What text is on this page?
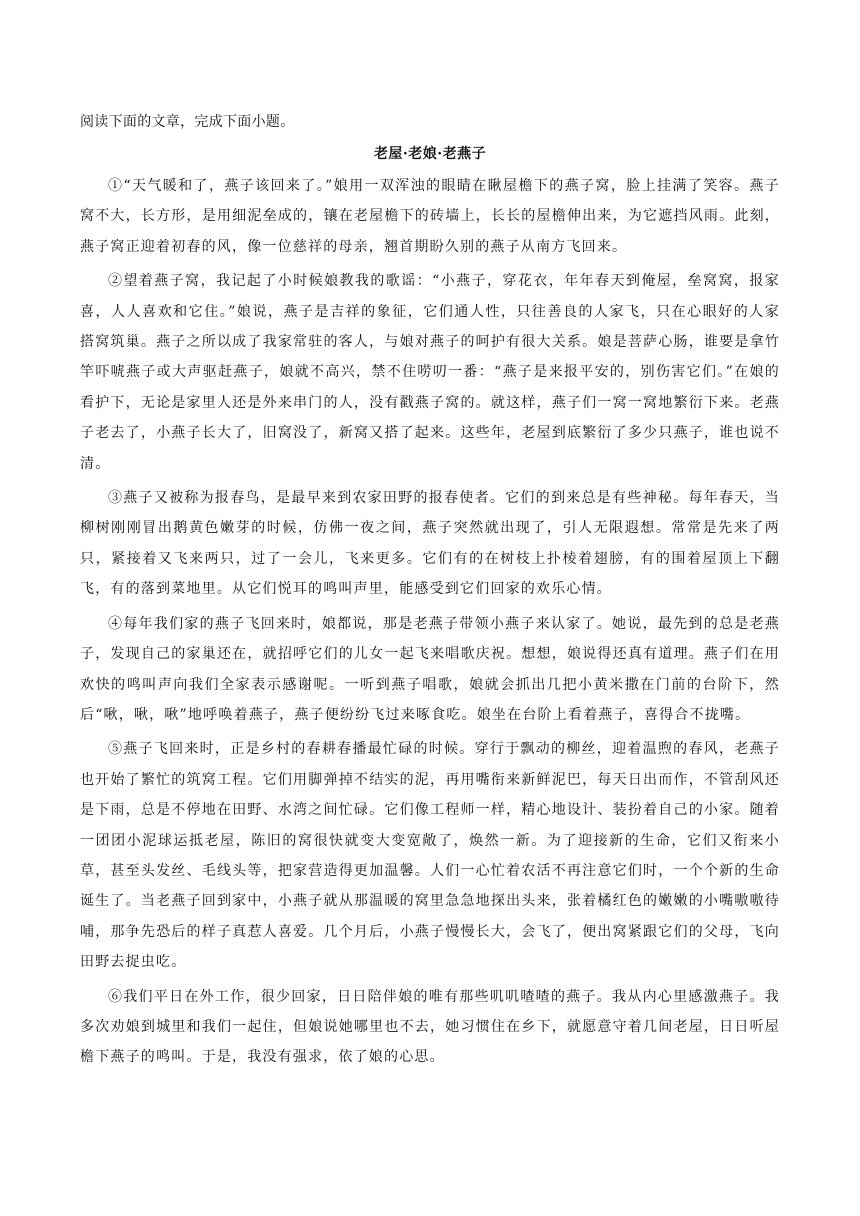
阅读下面的文章，完成下面小题。

老屋·老娘·老燕子

①“天气暖和了，燕子该回来了。”娘用一双浑浊的眼睛在瞅屋檐下的燕子窝，脸上挂满了笑容。燕子窝不大，长方形，是用细泥垒成的，镶在老屋檐下的砖墙上，长长的屋檐伸出来，为它遮挡风雨。此刻，燕子窝正迎着初春的风，像一位慈祥的母亲，翘首期盼久别的燕子从南方飞回来。

②望着燕子窝，我记起了小时候娘教我的歌谣：“小燕子，穿花衣，年年春天到俺屋，垒窝窝，报家喜，人人喜欢和它住。”娘说，燕子是吉祥的象征，它们通人性，只往善良的人家飞，只在心眼好的人家搭窝筑巢。燕子之所以成了我家常驻的客人，与娘对燕子的呵护有很大关系。娘是菩萨心肠，谁要是拿竹竿吓唬燕子或大声驱赶燕子，娘就不高兴，禁不住唠叨一番：“燕子是来报平安的，别伤害它们。”在娘的看护下，无论是家里人还是外来串门的人，没有戳燕子窝的。就这样，燕子们一窝一窝地繁衍下来。老燕子老去了，小燕子长大了，旧窝没了，新窝又搭了起来。这些年，老屋到底繁衍了多少只燕子，谁也说不清。

③燕子又被称为报春鸟，是最早来到农家田野的报春使者。它们的到来总是有些神秘。每年春天，当柳树刚刚冒出鹅黄色嫩芽的时候，仿佛一夜之间，燕子突然就出现了，引人无限遐想。常常是先来了两只，紧接着又飞来两只，过了一会儿，飞来更多。它们有的在树枝上扑棱着翅膀，有的围着屋顶上下翻飞，有的落到菜地里。从它们悦耳的鸣叫声里，能感受到它们回家的欢乐心情。

④每年我们家的燕子飞回来时，娘都说，那是老燕子带领小燕子来认家了。她说，最先到的总是老燕子，发现自己的家巢还在，就招呼它们的儿女一起飞来唱歌庆祝。想想，娘说得还真有道理。燕子们在用欢快的鸣叫声向我们全家表示感谢呢。一听到燕子唱歌，娘就会抓出几把小黄米撒在门前的台阶下，然后“啾，啾，啾”地呼唤着燕子，燕子便纷纷飞过来啄食吃。娘坐在台阶上看着燕子，喜得合不拢嘴。

⑤燕子飞回来时，正是乡村的春耕春播最忙碌的时候。穿行于飘动的柳丝，迎着温煦的春风，老燕子也开始了繁忙的筑窝工程。它们用脚弹掉不结实的泥，再用嘴衔来新鲜泥巴，每天日出而作，不管刮风还是下雨，总是不停地在田野、水湾之间忙碌。它们像工程师一样，精心地设计、装扮着自己的小家。随着一团团小泥球运抵老屋，陈旧的窝很快就变大变宽敞了，焕然一新。为了迎接新的生命，它们又衔来小草，甚至头发丝、毛线头等，把家营造得更加温馨。人们一心忙着农活不再注意它们时，一个个新的生命诞生了。当老燕子回到家中，小燕子就从那温暖的窝里急急地探出头来，张着橘红色的嫩嫩的小嘴嗷嗷待哺，那争先恐后的样子真惹人喜爱。几个月后，小燕子慢慢长大，会飞了，便出窝紧跟它们的父母，飞向田野去捉虫吃。

⑥我们平日在外工作，很少回家，日日陪伴娘的唯有那些叽叽喳喳的燕子。我从内心里感激燕子。我多次劝娘到城里和我们一起住，但娘说她哪里也不去，她习惯住在乡下，就愿意守着几间老屋，日日听屋檐下燕子的鸣叫。于是，我没有强求，依了娘的心思。
